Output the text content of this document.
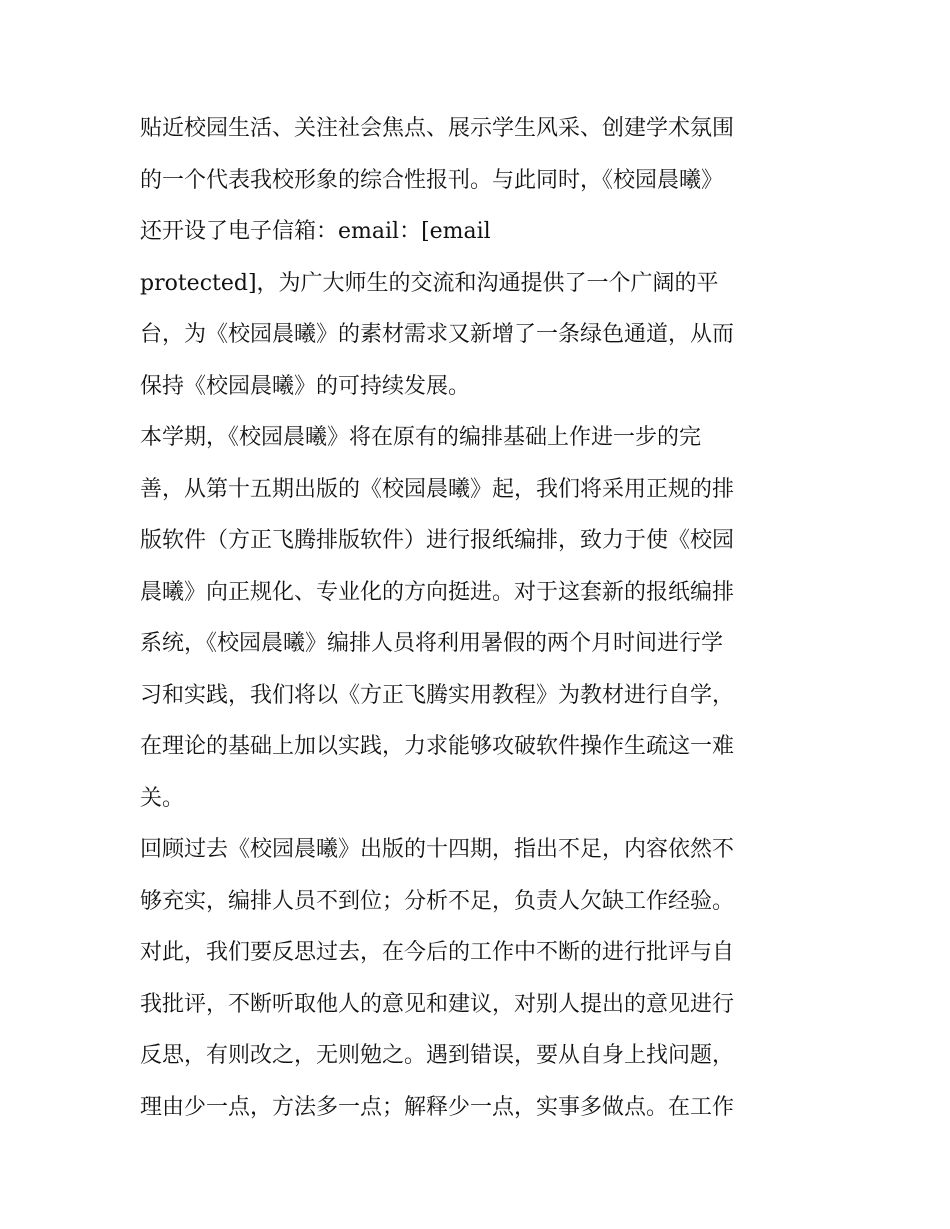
贴近校园生活、关注社会焦点、展示学生风采、创建学术氛围
的一个代表我校形象的综合性报刊。与此同时，《校园晨曦》
还开设了电子信箱：email：[email
protected]，为广大师生的交流和沟通提供了一个广阔的平
台，为《校园晨曦》的素材需求又新增了一条绿色通道，从而
保持《校园晨曦》的可持续发展。
本学期，《校园晨曦》将在原有的编排基础上作进一步的完
善，从第十五期出版的《校园晨曦》起，我们将采用正规的排
版软件（方正飞腾排版软件）进行报纸编排，致力于使《校园
晨曦》向正规化、专业化的方向挺进。对于这套新的报纸编排
系统，《校园晨曦》编排人员将利用暑假的两个月时间进行学
习和实践，我们将以《方正飞腾实用教程》为教材进行自学，
在理论的基础上加以实践，力求能够攻破软件操作生疏这一难
关。
回顾过去《校园晨曦》出版的十四期，指出不足，内容依然不
够充实，编排人员不到位；分析不足，负责人欠缺工作经验。
对此，我们要反思过去，在今后的工作中不断的进行批评与自
我批评，不断听取他人的意见和建议，对别人提出的意见进行
反思，有则改之，无则勉之。遇到错误，要从自身上找问题，
理由少一点，方法多一点；解释少一点，实事多做点。在工作
